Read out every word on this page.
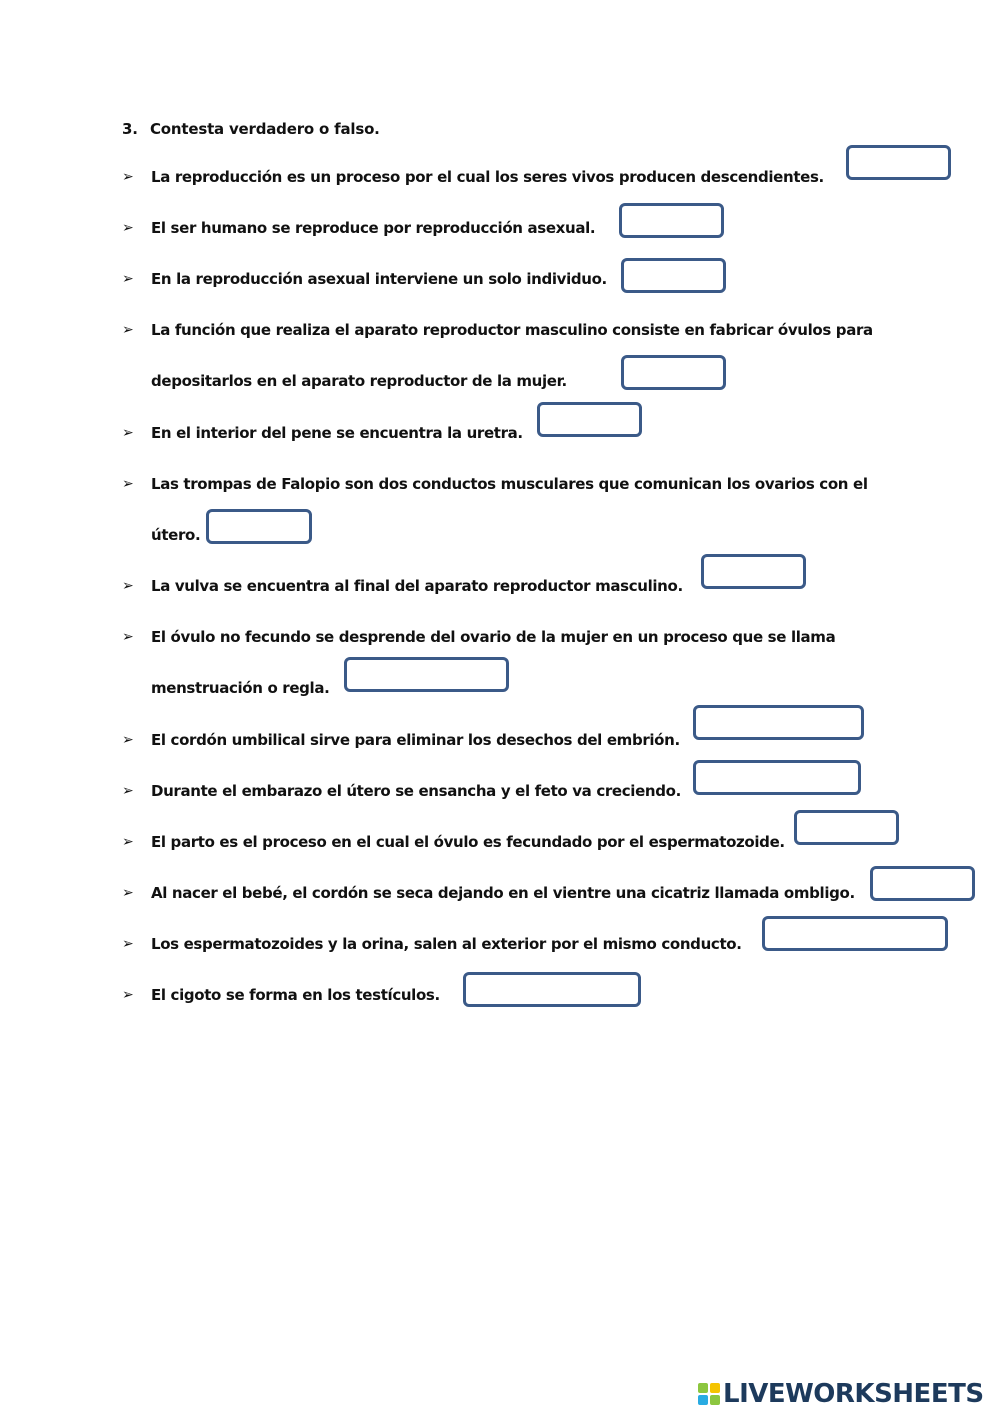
3. Contesta verdadero o falso.
➢ La reproducción es un proceso por el cual los seres vivos producen descendientes.
➢ El ser humano se reproduce por reproducción asexual.
➢ En la reproducción asexual interviene un solo individuo.
➢ La función que realiza el aparato reproductor masculino consiste en fabricar óvulos para
depositarlos en el aparato reproductor de la mujer.
➢ En el interior del pene se encuentra la uretra.
➢ Las trompas de Falopio son dos conductos musculares que comunican los ovarios con el
útero.
➢ La vulva se encuentra al final del aparato reproductor masculino.
➢ El óvulo no fecundo se desprende del ovario de la mujer en un proceso que se llama
menstruación o regla.
➢ El cordón umbilical sirve para eliminar los desechos del embrión.
➢ Durante el embarazo el útero se ensancha y el feto va creciendo.
➢ El parto es el proceso en el cual el óvulo es fecundado por el espermatozoide.
➢ Al nacer el bebé, el cordón se seca dejando en el vientre una cicatriz llamada ombligo.
➢ Los espermatozoides y la orina, salen al exterior por el mismo conducto.
➢ El cigoto se forma en los testículos.
LIVEWORKSHEETS
